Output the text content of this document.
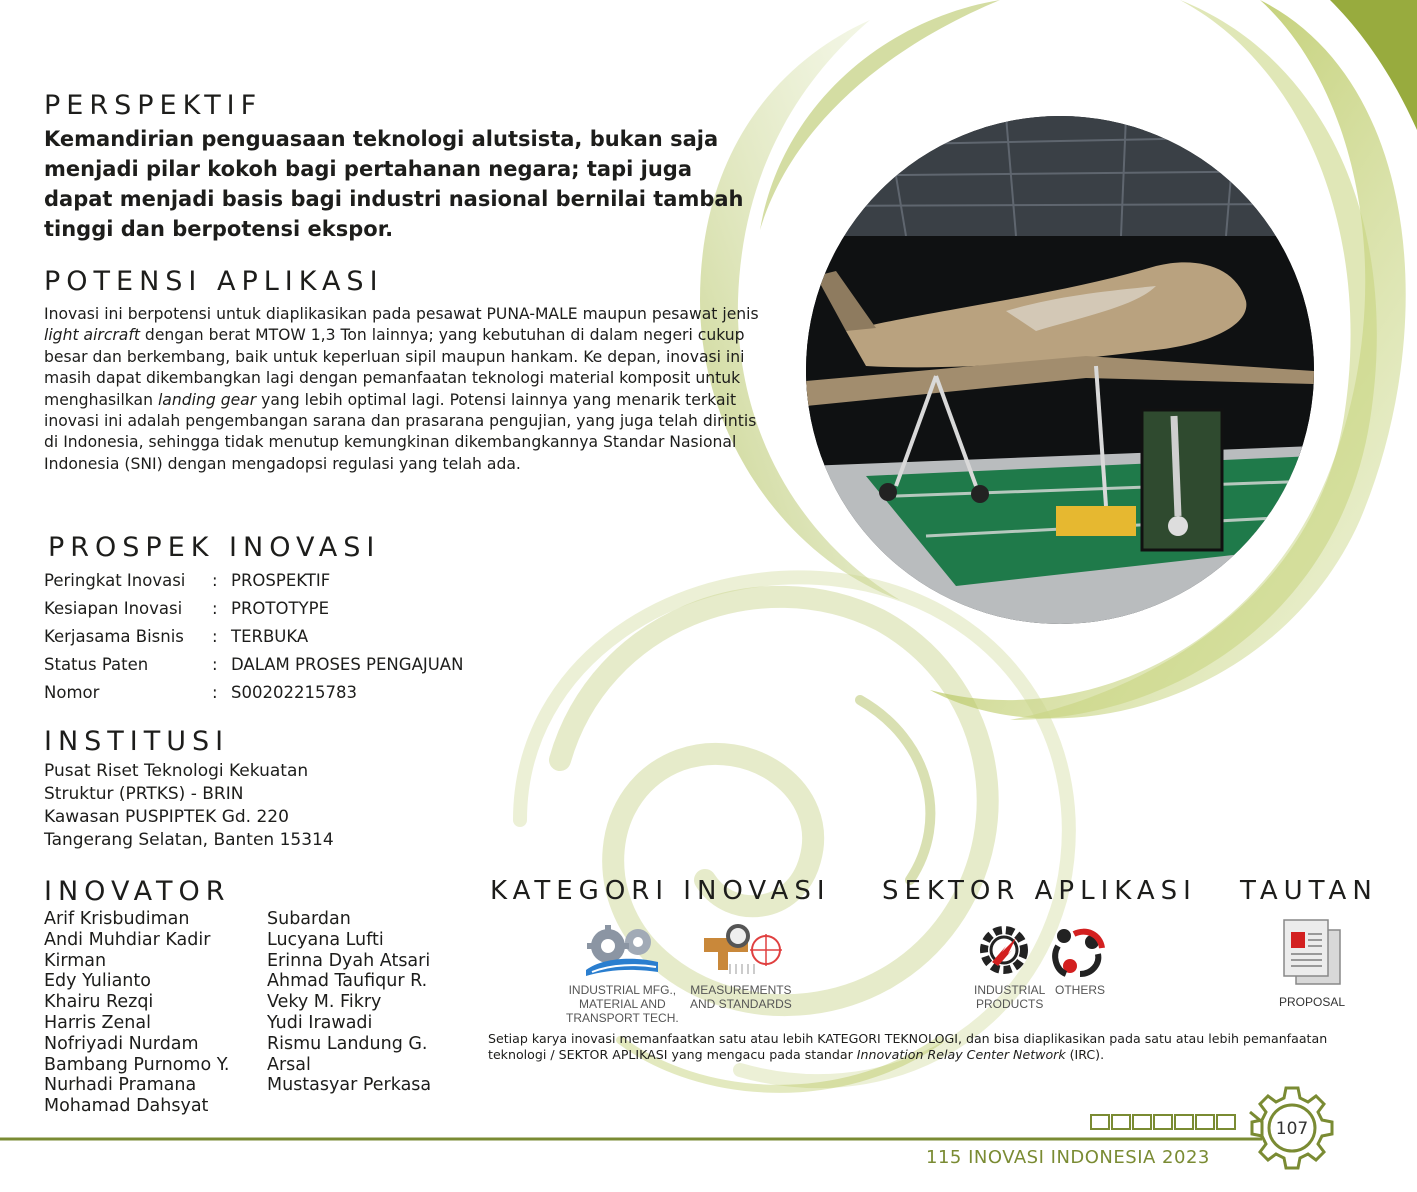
PERSPEKTIF
Kemandirian penguasaan teknologi alutsista, bukan saja menjadi pilar kokoh bagi pertahanan negara; tapi juga dapat menjadi basis bagi industri nasional bernilai tambah tinggi dan berpotensi ekspor.
POTENSI APLIKASI
Inovasi ini berpotensi untuk diaplikasikan pada pesawat PUNA-MALE maupun pesawat jenis light aircraft dengan berat MTOW 1,3 Ton lainnya; yang kebutuhan di dalam negeri cukup besar dan berkembang, baik untuk keperluan sipil maupun hankam. Ke depan, inovasi ini masih dapat dikembangkan lagi dengan pemanfaatan teknologi material komposit untuk menghasilkan landing gear yang lebih optimal lagi. Potensi lainnya yang menarik terkait inovasi ini adalah pengembangan sarana dan prasarana pengujian, yang juga telah dirintis di Indonesia, sehingga tidak menutup kemungkinan dikembangkannya Standar Nasional Indonesia (SNI) dengan mengadopsi regulasi yang telah ada.
PROSPEK INOVASI
Peringkat Inovasi	: PROSPEKTIF
Kesiapan Inovasi	: PROTOTYPE
Kerjasama Bisnis	: TERBUKA
Status Paten	: DALAM PROSES PENGAJUAN
Nomor	: S00202215783
INSTITUSI
Pusat Riset Teknologi Kekuatan
Struktur (PRTKS) - BRIN
Kawasan PUSPIPTEK Gd. 220
Tangerang Selatan, Banten 15314
INOVATOR
Arif Krisbudiman
Andi Muhdiar Kadir
Kirman
Edy Yulianto
Khairu Rezqi
Harris Zenal
Nofriyadi Nurdam
Bambang Purnomo Y.
Nurhadi Pramana
Mohamad Dahsyat
Subardan
Lucyana Lufti
Erinna Dyah Atsari
Ahmad Taufiqur R.
Veky M. Fikry
Yudi Irawadi
Rismu Landung G.
Arsal
Mustasyar Perkasa
KATEGORI INOVASI SEKTOR APLIKASI TAUTAN
INDUSTRIAL MFG.,
MATERIAL AND
TRANSPORT TECH.
MEASUREMENTS
AND STANDARDS
INDUSTRIAL
PRODUCTS
OTHERS
PROPOSAL
Setiap karya inovasi memanfaatkan satu atau lebih KATEGORI TEKNOLOGI, dan bisa diaplikasikan pada satu atau lebih pemanfaatan teknologi / SEKTOR APLIKASI yang mengacu pada standar Innovation Relay Center Network (IRC).
107
115 INOVASI INDONESIA 2023
